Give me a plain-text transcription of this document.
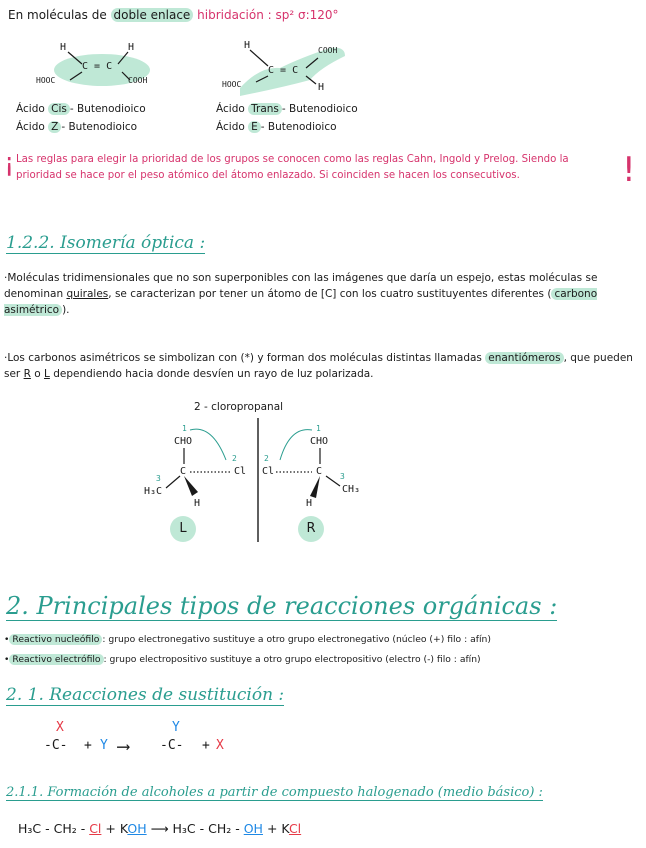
En moléculas de doble enlace hibridación : sp² σ:120°
H	H
C = C
HOOC	COOH
Ácido Cis - Butenodioico
Ácido Z - Butenodioico
H	COOH
C = C
HOOC	H
Ácido Trans - Butenodioico
Ácido E - Butenodioico
¡ Las reglas para elegir la prioridad de los grupos se conocen como las reglas Cahn, Ingold y Prelog. Siendo la prioridad se hace por el peso atómico del átomo enlazado. Si coinciden se hacen los consecutivos.	!
1.2.2. Isomería óptica :
·Moléculas tridimensionales que no son superponibles con las imágenes que daría un espejo, estas moléculas se denominan quirales, se caracterizan por tener un átomo de [C] con los cuatro sustituyentes diferentes ( carbono asimétrico ).
·Los carbonos asimétricos se simbolizan con (*) y forman dos moléculas distintas llamadas enantiómeros , que pueden ser R o L dependiendo hacia donde desvíen un rayo de luz polarizada.
2 - cloropropanal
CHO
1
C	Cl
2
H₃C
3
H
L
CHO
1
C
Cl
2
CH₃
3
H
R
2. Principales tipos de reacciones orgánicas :
• Reactivo nucleófilo : grupo electronegativo sustituye a otro grupo electronegativo (núcleo (+) filo : afín)
• Reactivo electrófilo : grupo electropositivo sustituye a otro grupo electropositivo (electro (-) filo : afín)
2. 1. Reacciones de sustitución :
X
-C- + Y ⟶
Y
-C- + X
2.1.1. Formación de alcoholes a partir de compuesto halogenado (medio básico) :
H₃C - CH₂ - Cl + KOH ⟶ H₃C - CH₂ - OH + KCl
